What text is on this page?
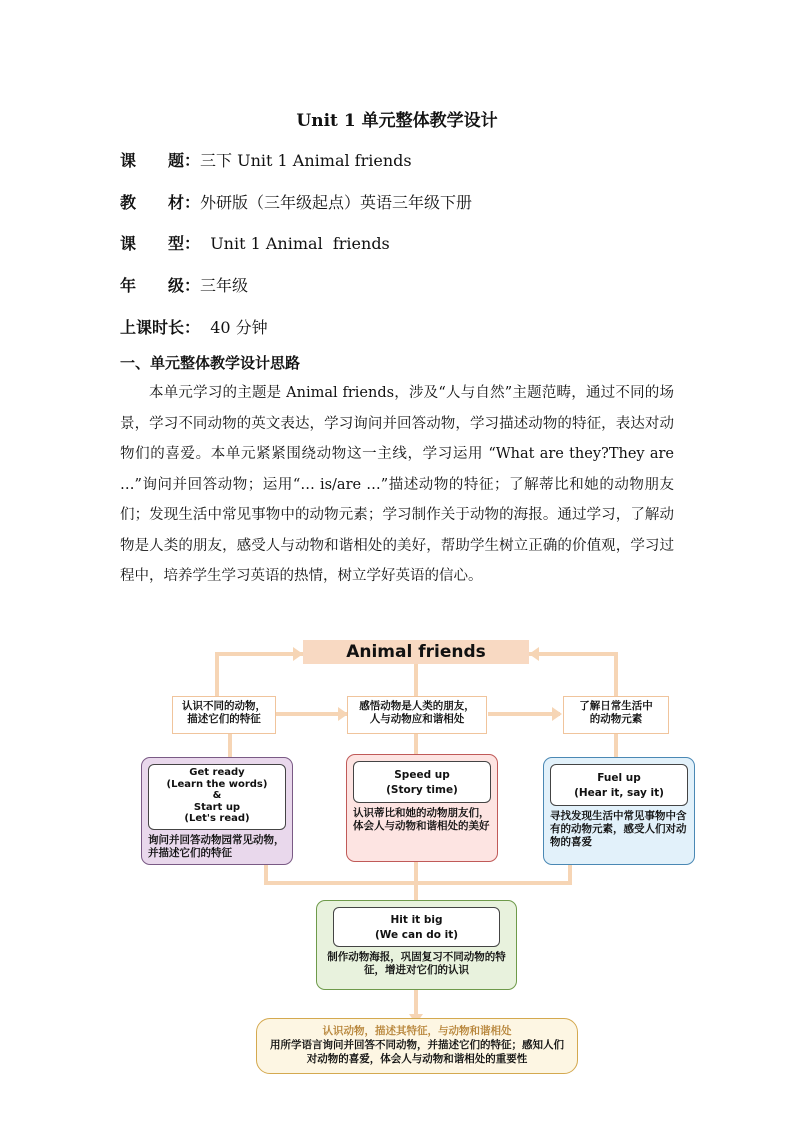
Unit 1 单元整体教学设计
课　　题：三下 Unit 1 Animal friends
教　　材：外研版（三年级起点）英语三年级下册
课　　型：  Unit 1 Animal  friends
年　　级：三年级
上课时长：  40 分钟
一、单元整体教学设计思路
本单元学习的主题是 Animal friends，涉及“人与自然”主题范畴，通过不同的场景，学习不同动物的英文表达，学习询问并回答动物，学习描述动物的特征，表达对动物们的喜爱。本单元紧紧围绕动物这一主线，学习运用 “What are they?They are …”询问并回答动物；运用“… is/are …”描述动物的特征；了解蒂比和她的动物朋友们；发现生活中常见事物中的动物元素；学习制作关于动物的海报。通过学习，了解动物是人类的朋友，感受人与动物和谐相处的美好，帮助学生树立正确的价值观，学习过程中，培养学生学习英语的热情，树立学好英语的信心。
Animal friends
认识不同的动物，
描述它们的特征
感悟动物是人类的朋友，
人与动物应和谐相处
了解日常生活中
的动物元素
Get ready
(Learn the words)
&
Start up
(Let's read)
询问并回答动物园常见动物，并描述它们的特征
Speed up
(Story time)
认识蒂比和她的动物朋友们，体会人与动物和谐相处的美好
Fuel up
(Hear it, say it)
寻找发现生活中常见事物中含有的动物元素，感受人们对动物的喜爱
Hit it big
(We can do it)
制作动物海报，巩固复习不同动物的特征，增进对它们的认识
认识动物，描述其特征，与动物和谐相处
用所学语言询问并回答不同动物，并描述它们的特征；感知人们对动物的喜爱，体会人与动物和谐相处的重要性
